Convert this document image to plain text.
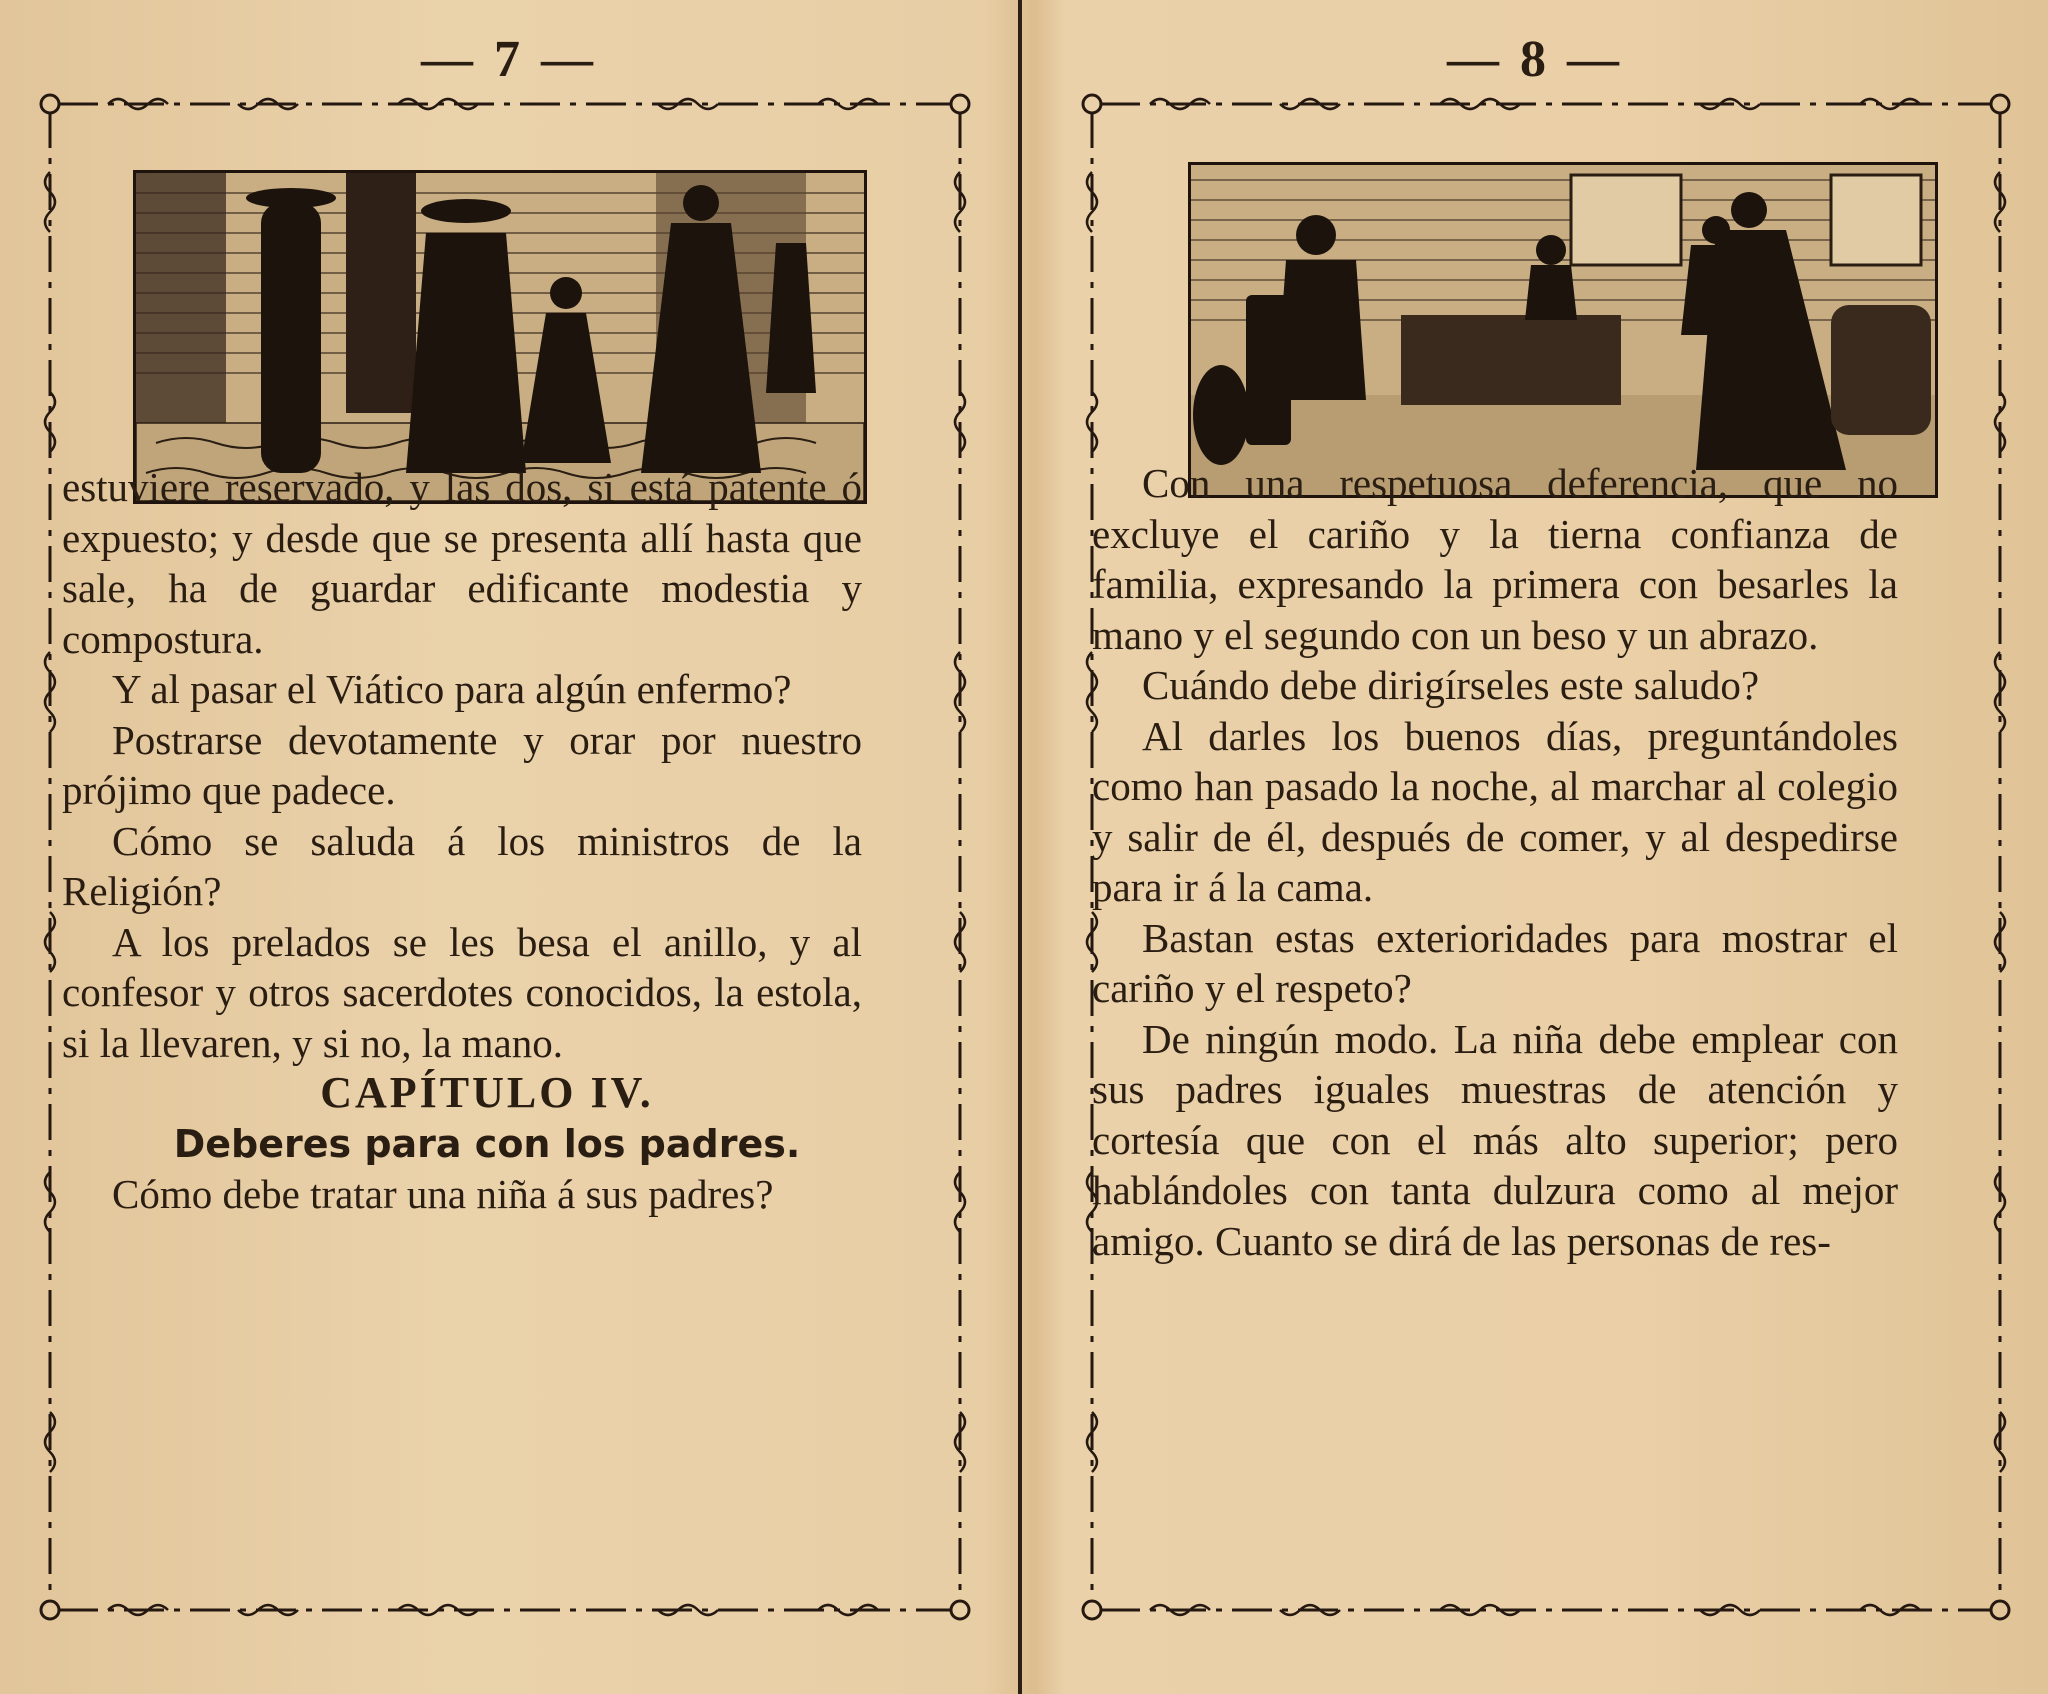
— 7 —

estuviere reservado, y las dos, si está patente ó expuesto; y desde que se presenta allí hasta que sale, ha de guardar edificante modestia y compostura.

Y al pasar el Viático para algún enfermo?

Postrarse devotamente y orar por nuestro prójimo que padece.

Cómo se saluda á los ministros de la Religión?

A los prelados se les besa el anillo, y al confesor y otros sacerdotes conocidos, la estola, si la llevaren, y si no, la mano.

CAPÍTULO IV.

Deberes para con los padres.

Cómo debe tratar una niña á sus padres?

— 8 —

Con una respetuosa deferencia, que no excluye el cariño y la tierna confianza de familia, expresando la primera con besarles la mano y el segundo con un beso y un abrazo.

Cuándo debe dirigírseles este saludo?

Al darles los buenos días, preguntándoles como han pasado la noche, al marchar al colegio y salir de él, después de comer, y al despedirse para ir á la cama.

Bastan estas exterioridades para mostrar el cariño y el respeto?

De ningún modo. La niña debe emplear con sus padres iguales muestras de atención y cortesía que con el más alto superior; pero hablándoles con tanta dulzura como al mejor amigo. Cuanto se dirá de las personas de res-
